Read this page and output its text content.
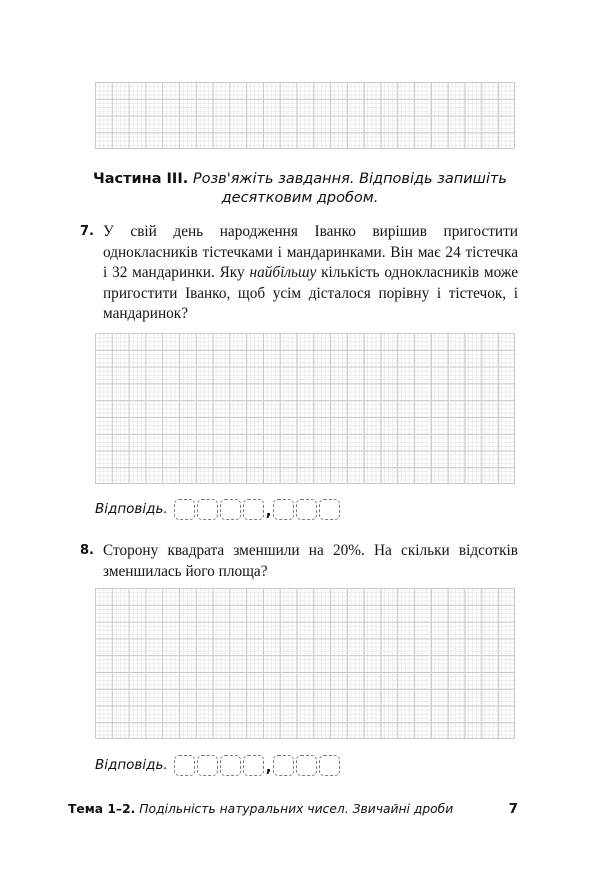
Частина III. Розв'яжіть завдання. Відповідь запишіть десятковим дробом.
7. У свій день народження Іванко вирішив пригостити однокласників тістечками і мандаринками. Він має 24 тістечка і 32 мандаринки. Яку найбільшу кількість однокласників може пригостити Іванко, щоб усім дісталося порівну і тістечок, і мандаринок?
Відповідь.	,
8. Сторону квадрата зменшили на 20%. На скільки відсотків зменшилась його площа?
Відповідь.	,
Тема 1–2. Подільність натуральних чисел. Звичайні дроби	7
